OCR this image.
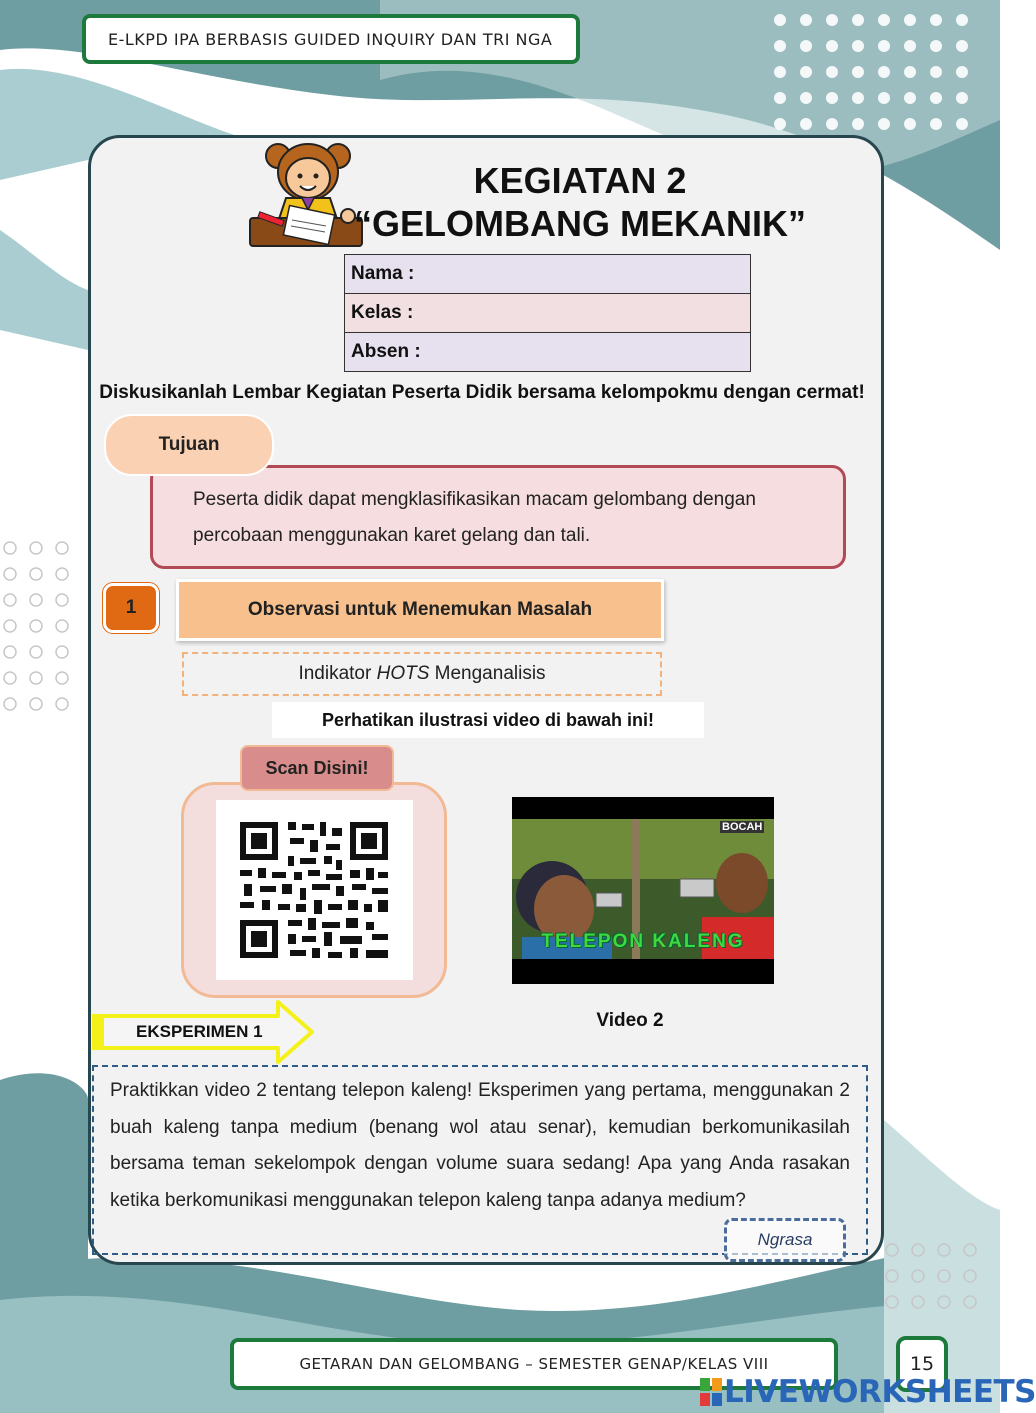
E-LKPD IPA BERBASIS GUIDED INQUIRY DAN TRI NGA
KEGIATAN 2
“GELOMBANG MEKANIK”
Nama :
Kelas :
Absen :
Diskusikanlah Lembar Kegiatan Peserta Didik bersama kelompokmu dengan cermat!
Peserta didik dapat mengklasifikasikan macam gelombang dengan percobaan menggunakan karet gelang dan tali.
Tujuan
1	Observasi untuk Menemukan Masalah
Indikator HOTS Menganalisis
Perhatikan ilustrasi video di bawah ini!
Scan Disini!
BOCAH
TELEPON KALENG
Video 2
EKSPERIMEN 1
Praktikkan video 2 tentang telepon kaleng! Eksperimen yang pertama, menggunakan 2 buah kaleng tanpa medium (benang wol atau senar), kemudian berkomunikasilah bersama teman sekelompok dengan volume suara sedang! Apa yang Anda rasakan ketika berkomunikasi menggunakan telepon kaleng tanpa adanya medium?
Ngrasa
GETARAN DAN GELOMBANG – SEMESTER GENAP/KELAS VIII	15
LIVEWORKSHEETS
